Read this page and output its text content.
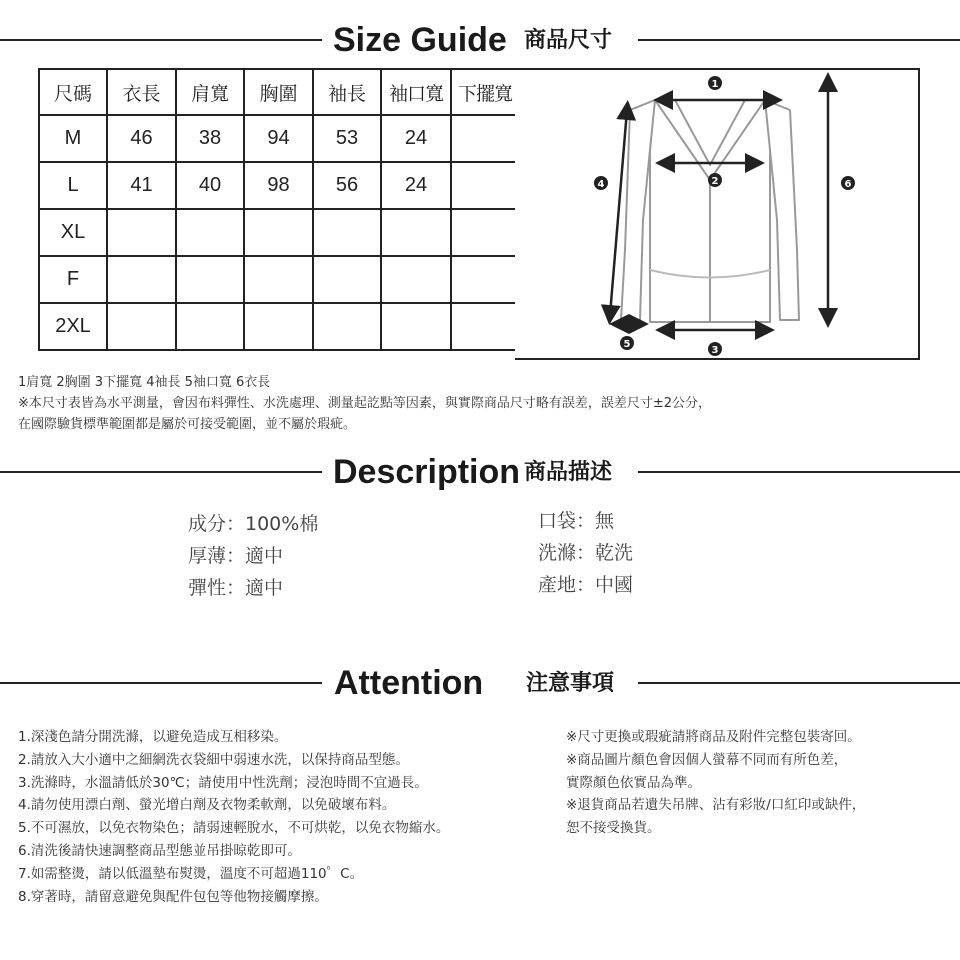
Size Guide 商品尺寸
尺碼	衣長	肩寬	胸圍	袖長	袖口寬	下擺寬
M	46	38	94	53	24	
L	41	40	98	56	24	
XL						
F						
2XL						
1
2
3
4
5
6
1肩寬 2胸圍 3下擺寬 4袖長 5袖口寬 6衣長
※本尺寸表皆為水平測量，會因布料彈性、水洗處理、測量起訖點等因素，與實際商品尺寸略有誤差，誤差尺寸±2公分，
在國際驗貨標準範圍都是屬於可接受範圍，並不屬於瑕疵。
Description 商品描述
成分：100%棉
厚薄：適中
彈性：適中
口袋：無
洗滌：乾洗
產地：中國
Attention 注意事項
1.深淺色請分開洗滌，以避免造成互相移染。
2.請放入大小適中之細網洗衣袋細中弱速水洗，以保持商品型態。
3.洗滌時，水溫請低於30℃；請使用中性洗劑；浸泡時間不宜過長。
4.請勿使用漂白劑、螢光增白劑及衣物柔軟劑，以免破壞布料。
5.不可濕放，以免衣物染色；請弱速輕脫水，不可烘乾，以免衣物縮水。
6.清洗後請快速調整商品型態並吊掛晾乾即可。
7.如需整燙，請以低溫墊布熨燙，溫度不可超過110゜C。
8.穿著時，請留意避免與配件包包等他物接觸摩擦。
※尺寸更換或瑕疵請將商品及附件完整包裝寄回。
※商品圖片顏色會因個人螢幕不同而有所色差，
實際顏色依實品為準。
※退貨商品若遺失吊牌、沾有彩妝/口紅印或缺件，
恕不接受換貨。
